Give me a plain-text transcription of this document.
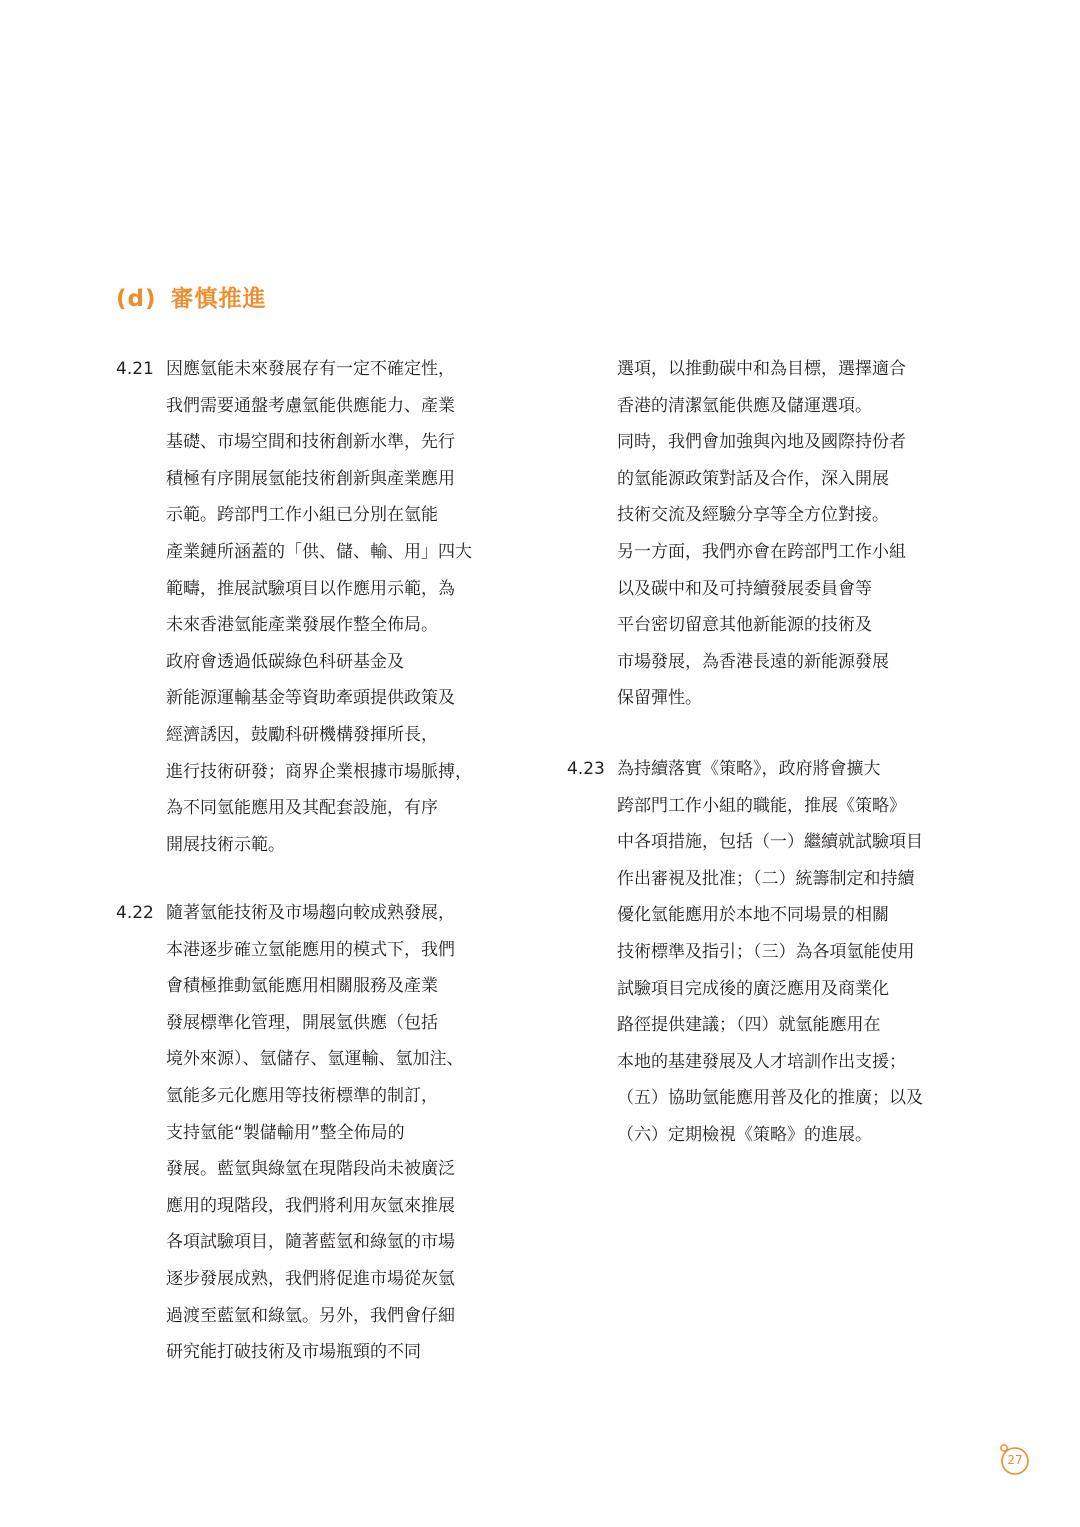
(d) 審慎推進
4.21 因應氫能未來發展存有一定不確定性，
我們需要通盤考慮氫能供應能力、產業
基礎、市場空間和技術創新水準，先行
積極有序開展氫能技術創新與產業應用
示範。跨部門工作小組已分別在氫能
產業鏈所涵蓋的「供、儲、輸、用」四大
範疇，推展試驗項目以作應用示範，為
未來香港氫能產業發展作整全佈局。
政府會透過低碳綠色科研基金及
新能源運輸基金等資助牽頭提供政策及
經濟誘因，鼓勵科研機構發揮所長，
進行技術研發；商界企業根據市場脈搏，
為不同氫能應用及其配套設施，有序
開展技術示範。
4.22 隨著氫能技術及市場趨向較成熟發展，
本港逐步確立氫能應用的模式下，我們
會積極推動氫能應用相關服務及產業
發展標準化管理，開展氫供應（包括
境外來源）、氫儲存、氫運輸、氫加注、
氫能多元化應用等技術標準的制訂，
支持氫能“製儲輸用”整全佈局的
發展。藍氫與綠氫在現階段尚未被廣泛
應用的現階段，我們將利用灰氫來推展
各項試驗項目，隨著藍氫和綠氫的市場
逐步發展成熟，我們將促進市場從灰氫
過渡至藍氫和綠氫。另外，我們會仔細
研究能打破技術及市場瓶頸的不同
選項，以推動碳中和為目標，選擇適合
香港的清潔氫能供應及儲運選項。
同時，我們會加強與內地及國際持份者
的氫能源政策對話及合作，深入開展
技術交流及經驗分享等全方位對接。
另一方面，我們亦會在跨部門工作小組
以及碳中和及可持續發展委員會等
平台密切留意其他新能源的技術及
市場發展，為香港長遠的新能源發展
保留彈性。
4.23 為持續落實《策略》，政府將會擴大
跨部門工作小組的職能，推展《策略》
中各項措施，包括（一）繼續就試驗項目
作出審視及批准；（二）統籌制定和持續
優化氫能應用於本地不同場景的相關
技術標準及指引；（三）為各項氫能使用
試驗項目完成後的廣泛應用及商業化
路徑提供建議；（四）就氫能應用在
本地的基建發展及人才培訓作出支援；
（五）協助氫能應用普及化的推廣；以及
（六）定期檢視《策略》的進展。
27
